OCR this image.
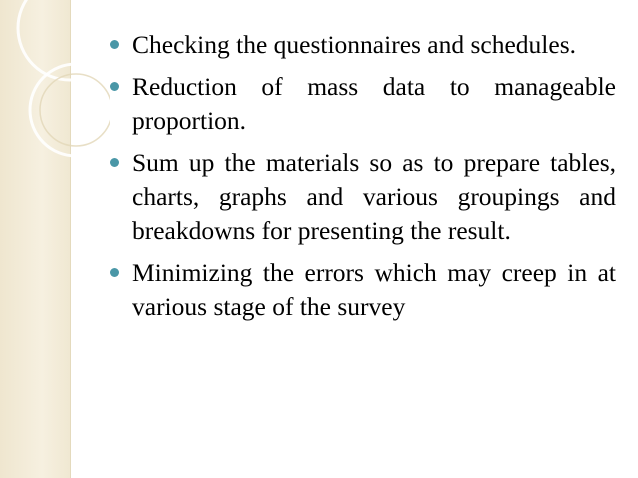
Checking the questionnaires and schedules.
Reduction of mass data to manageable proportion.
Sum up the materials so as to prepare tables, charts, graphs and various groupings and breakdowns for presenting the result.
Minimizing the errors which may creep in at various stage of the survey
